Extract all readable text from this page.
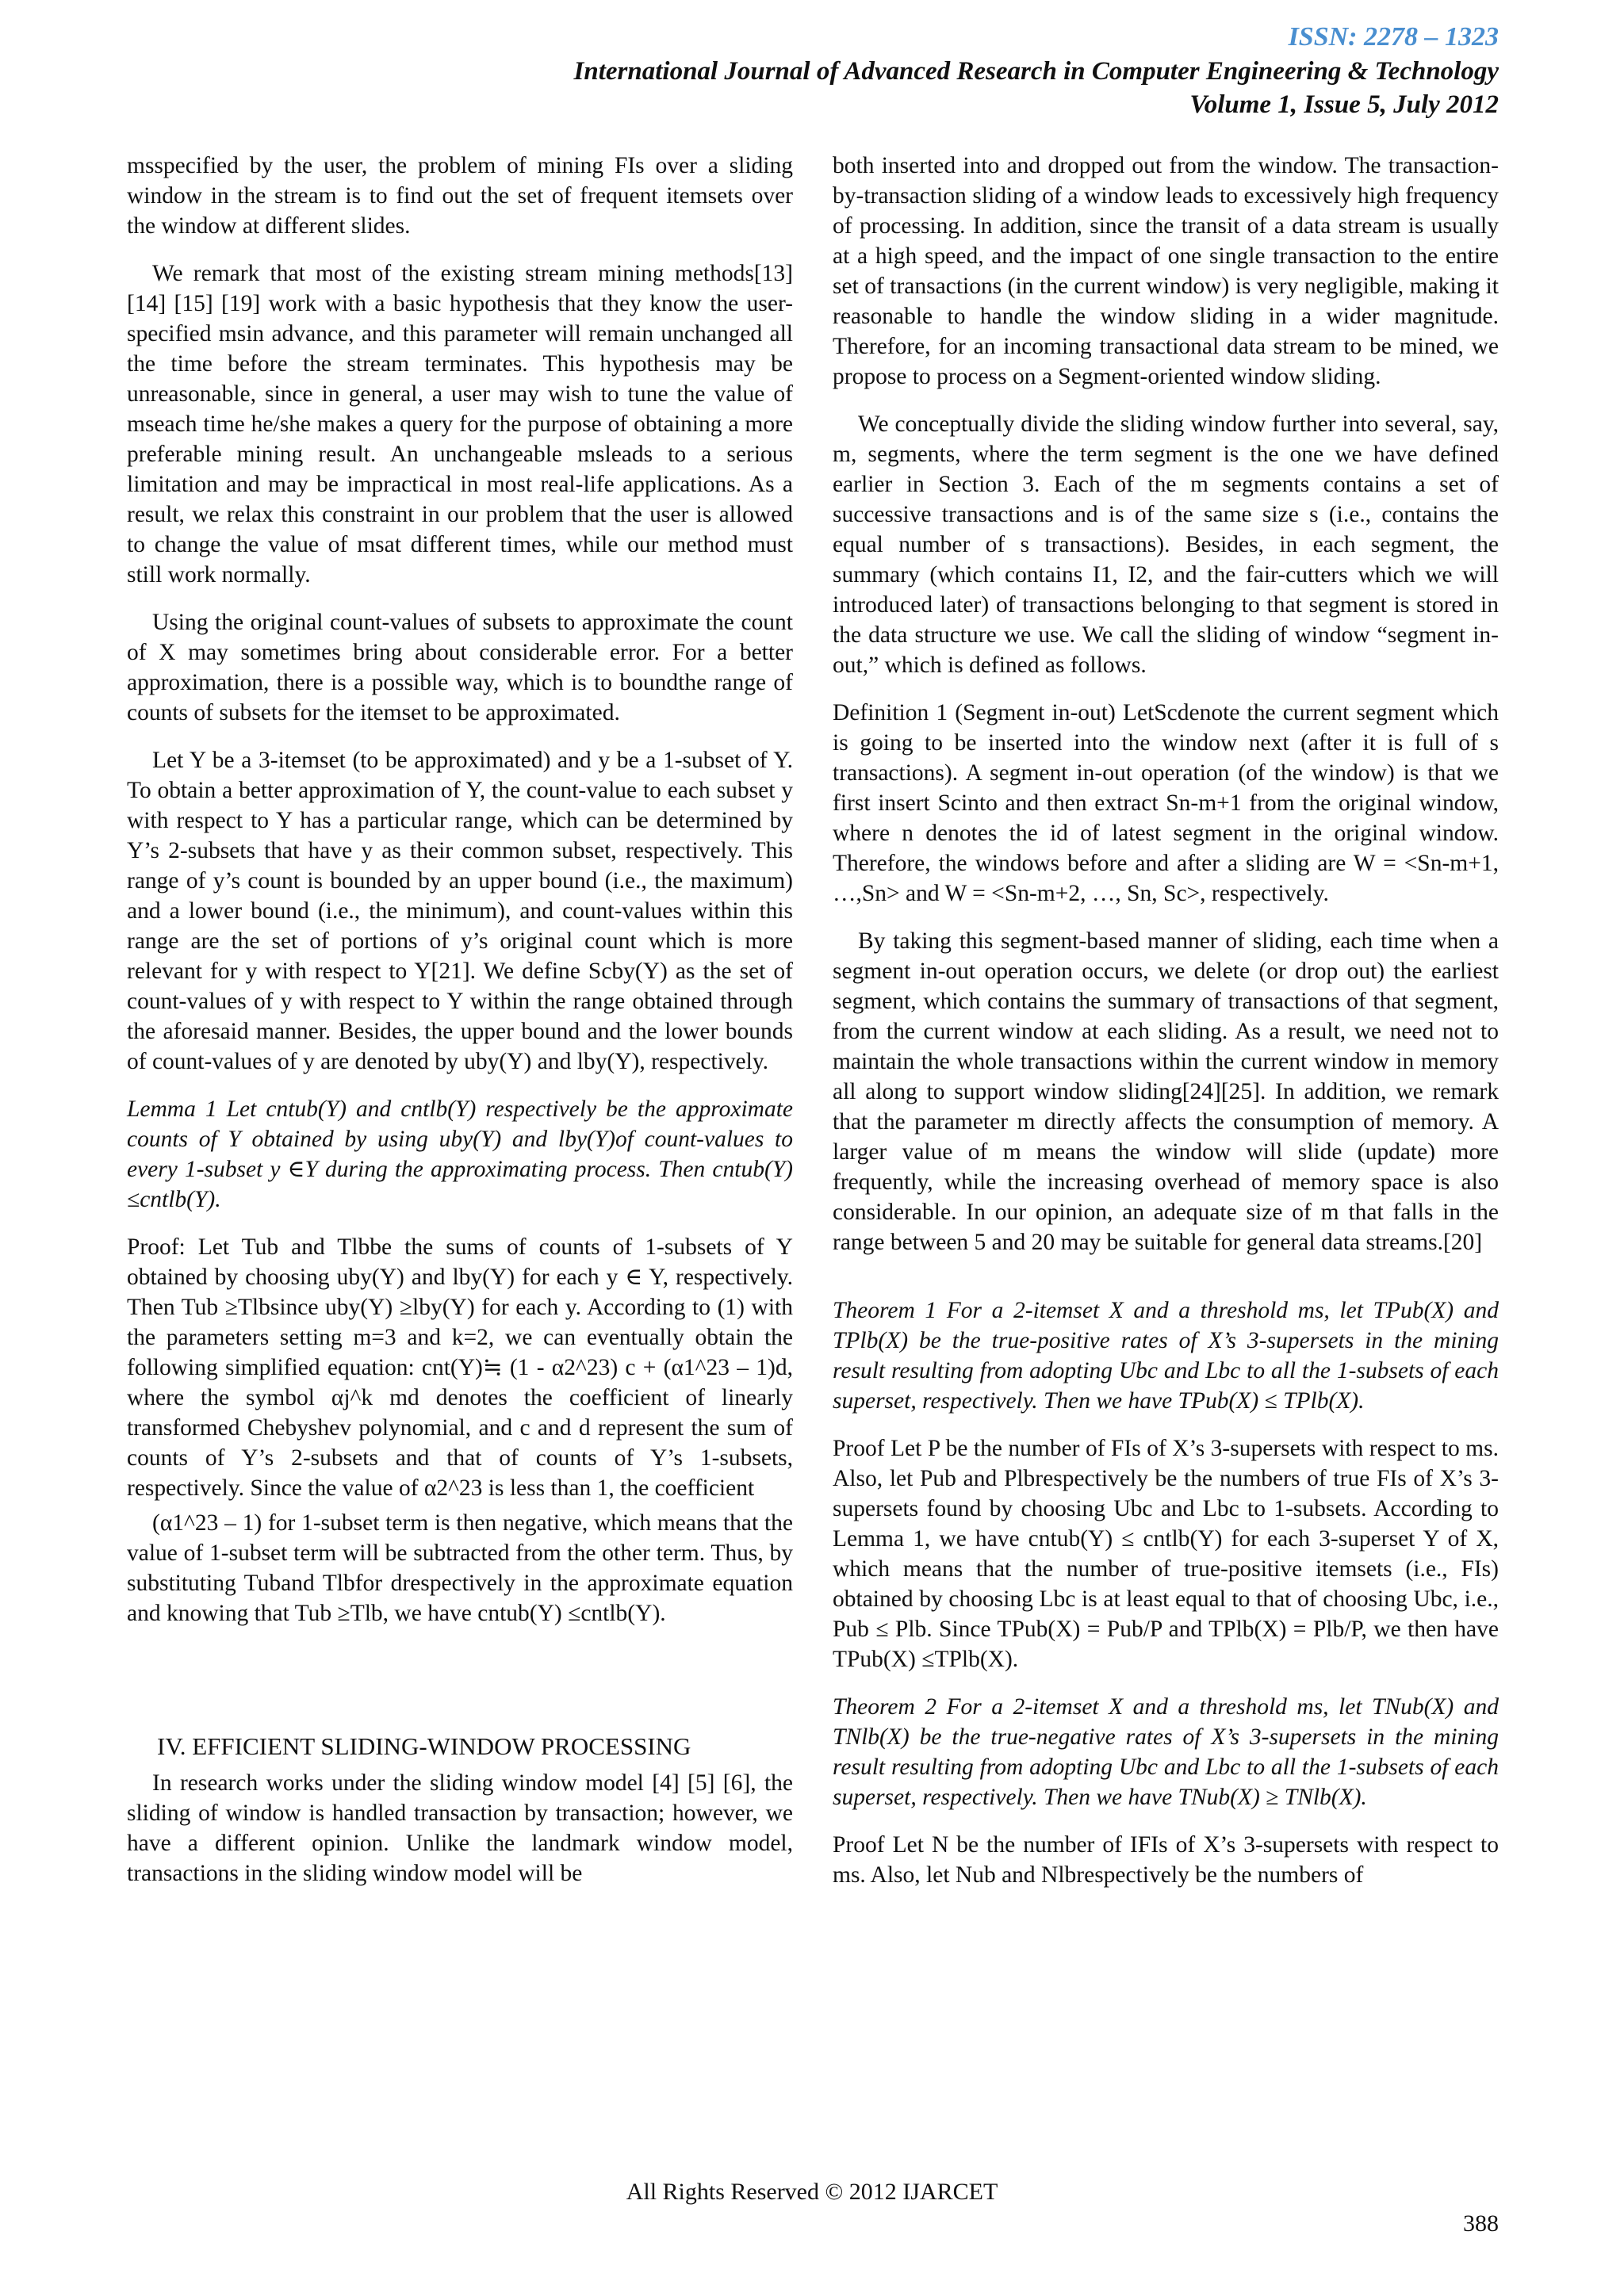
ISSN: 2278 – 1323
International Journal of Advanced Research in Computer Engineering & Technology
Volume 1, Issue 5, July 2012

msspecified by the user, the problem of mining FIs over a sliding window in the stream is to find out the set of frequent itemsets over the window at different slides.

We remark that most of the existing stream mining methods[13] [14] [15] [19] work with a basic hypothesis that they know the user-specified msin advance, and this parameter will remain unchanged all the time before the stream terminates. This hypothesis may be unreasonable, since in general, a user may wish to tune the value of mseach time he/she makes a query for the purpose of obtaining a more preferable mining result. An unchangeable msleads to a serious limitation and may be impractical in most real-life applications. As a result, we relax this constraint in our problem that the user is allowed to change the value of msat different times, while our method must still work normally.

Using the original count-values of subsets to approximate the count of X may sometimes bring about considerable error. For a better approximation, there is a possible way, which is to boundthe range of counts of subsets for the itemset to be approximated.

Let Y be a 3-itemset (to be approximated) and y be a 1-subset of Y. To obtain a better approximation of Y, the count-value to each subset y with respect to Y has a particular range, which can be determined by Y’s 2-subsets that have y as their common subset, respectively. This range of y’s count is bounded by an upper bound (i.e., the maximum) and a lower bound (i.e., the minimum), and count-values within this range are the set of portions of y’s original count which is more relevant for y with respect to Y[21]. We define Scby(Y) as the set of count-values of y with respect to Y within the range obtained through the aforesaid manner. Besides, the upper bound and the lower bounds of count-values of y are denoted by uby(Y) and lby(Y), respectively.

Lemma 1 Let cntub(Y) and cntlb(Y) respectively be the approximate counts of Y obtained by using uby(Y) and lby(Y)of count-values to every 1-subset y ∈Y during the approximating process. Then cntub(Y) ≤cntlb(Y).

Proof: Let Tub and Tlbbe the sums of counts of 1-subsets of Y obtained by choosing uby(Y) and lby(Y) for each y ∈ Y, respectively. Then Tub ≥Tlbsince uby(Y) ≥lby(Y) for each y. According to (1) with the parameters setting m=3 and k=2, we can eventually obtain the following simplified equation: cnt(Y)≒ (1 - α2^23) c + (α1^23 – 1)d, where the symbol αj^k md denotes the coefficient of linearly transformed Chebyshev polynomial, and c and d represent the sum of counts of Y’s 2-subsets and that of counts of Y’s 1-subsets, respectively. Since the value of α2^23 is less than 1, the coefficient

(α1^23 – 1) for 1-subset term is then negative, which means that the value of 1-subset term will be subtracted from the other term. Thus, by substituting Tuband Tlbfor drespectively in the approximate equation and knowing that Tub ≥Tlb, we have cntub(Y) ≤cntlb(Y).

IV. EFFICIENT SLIDING-WINDOW PROCESSING

In research works under the sliding window model [4] [5] [6], the sliding of window is handled transaction by transaction; however, we have a different opinion. Unlike the landmark window model, transactions in the sliding window model will be

both inserted into and dropped out from the window. The transaction-by-transaction sliding of a window leads to excessively high frequency of processing. In addition, since the transit of a data stream is usually at a high speed, and the impact of one single transaction to the entire set of transactions (in the current window) is very negligible, making it reasonable to handle the window sliding in a wider magnitude. Therefore, for an incoming transactional data stream to be mined, we propose to process on a Segment-oriented window sliding.

We conceptually divide the sliding window further into several, say, m, segments, where the term segment is the one we have defined earlier in Section 3. Each of the m segments contains a set of successive transactions and is of the same size s (i.e., contains the equal number of s transactions). Besides, in each segment, the summary (which contains I1, I2, and the fair-cutters which we will introduced later) of transactions belonging to that segment is stored in the data structure we use. We call the sliding of window “segment in-out,” which is defined as follows.

Definition 1 (Segment in-out) LetScdenote the current segment which is going to be inserted into the window next (after it is full of s transactions). A segment in-out operation (of the window) is that we first insert Scinto and then extract Sn-m+1 from the original window, where n denotes the id of latest segment in the original window. Therefore, the windows before and after a sliding are W = <Sn-m+1, …,Sn> and W = <Sn-m+2, …, Sn, Sc>, respectively.

By taking this segment-based manner of sliding, each time when a segment in-out operation occurs, we delete (or drop out) the earliest segment, which contains the summary of transactions of that segment, from the current window at each sliding. As a result, we need not to maintain the whole transactions within the current window in memory all along to support window sliding[24][25]. In addition, we remark that the parameter m directly affects the consumption of memory. A larger value of m means the window will slide (update) more frequently, while the increasing overhead of memory space is also considerable. In our opinion, an adequate size of m that falls in the range between 5 and 20 may be suitable for general data streams.[20]

Theorem 1 For a 2-itemset X and a threshold ms, let TPub(X) and TPlb(X) be the true-positive rates of X’s 3-supersets in the mining result resulting from adopting Ubc and Lbc to all the 1-subsets of each superset, respectively. Then we have TPub(X) ≤ TPlb(X).

Proof Let P be the number of FIs of X’s 3-supersets with respect to ms. Also, let Pub and Plbrespectively be the numbers of true FIs of X’s 3-supersets found by choosing Ubc and Lbc to 1-subsets. According to Lemma 1, we have cntub(Y) ≤ cntlb(Y) for each 3-superset Y of X, which means that the number of true-positive itemsets (i.e., FIs) obtained by choosing Lbc is at least equal to that of choosing Ubc, i.e., Pub ≤ Plb. Since TPub(X) = Pub/P and TPlb(X) = Plb/P, we then have TPub(X) ≤TPlb(X).

Theorem 2 For a 2-itemset X and a threshold ms, let TNub(X) and TNlb(X) be the true-negative rates of X’s 3-supersets in the mining result resulting from adopting Ubc and Lbc to all the 1-subsets of each superset, respectively. Then we have TNub(X) ≥ TNlb(X).

Proof Let N be the number of IFIs of X’s 3-supersets with respect to ms. Also, let Nub and Nlbrespectively be the numbers of

All Rights Reserved © 2012 IJARCET
388
